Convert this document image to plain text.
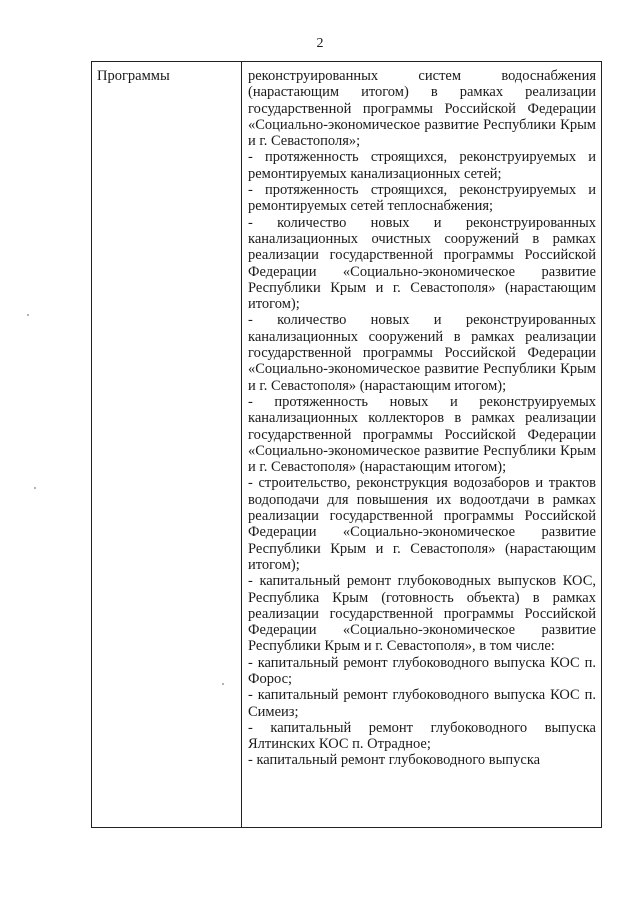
2
Программы	реконструированных систем водоснабжения (нарастающим итогом) в рамках реализации государственной программы Российской Федерации «Социально-экономическое развитие Республики Крым и г. Севастополя»;

- протяженность строящихся, реконструируемых и ремонтируемых канализационных сетей;

- протяженность строящихся, реконструируемых и ремонтируемых сетей теплоснабжения;

- количество новых и реконструированных канализационных очистных сооружений в рамках реализации государственной программы Российской Федерации «Социально-экономическое развитие Республики Крым и г. Севастополя» (нарастающим итогом);

- количество новых и реконструированных канализационных сооружений в рамках реализации государственной программы Российской Федерации «Социально-экономическое развитие Республики Крым и г. Севастополя» (нарастающим итогом);

- протяженность новых и реконструируемых канализационных коллекторов в рамках реализации государственной программы Российской Федерации «Социально-экономическое развитие Республики Крым и г. Севастополя» (нарастающим итогом);

- строительство, реконструкция водозаборов и трактов водоподачи для повышения их водоотдачи в рамках реализации государственной программы Российской Федерации «Социально-экономическое развитие Республики Крым и г. Севастополя» (нарастающим итогом);

- капитальный ремонт глубоководных выпусков КОС, Республика Крым (готовность объекта) в рамках реализации государственной программы Российской Федерации «Социально-экономическое развитие Республики Крым и г. Севастополя», в том числе:

- капитальный ремонт глубоководного выпуска КОС п. Форос;

- капитальный ремонт глубоководного выпуска КОС п. Симеиз;

- капитальный ремонт глубоководного выпуска Ялтинских КОС п. Отрадное;

- капитальный ремонт глубоководного выпуска
